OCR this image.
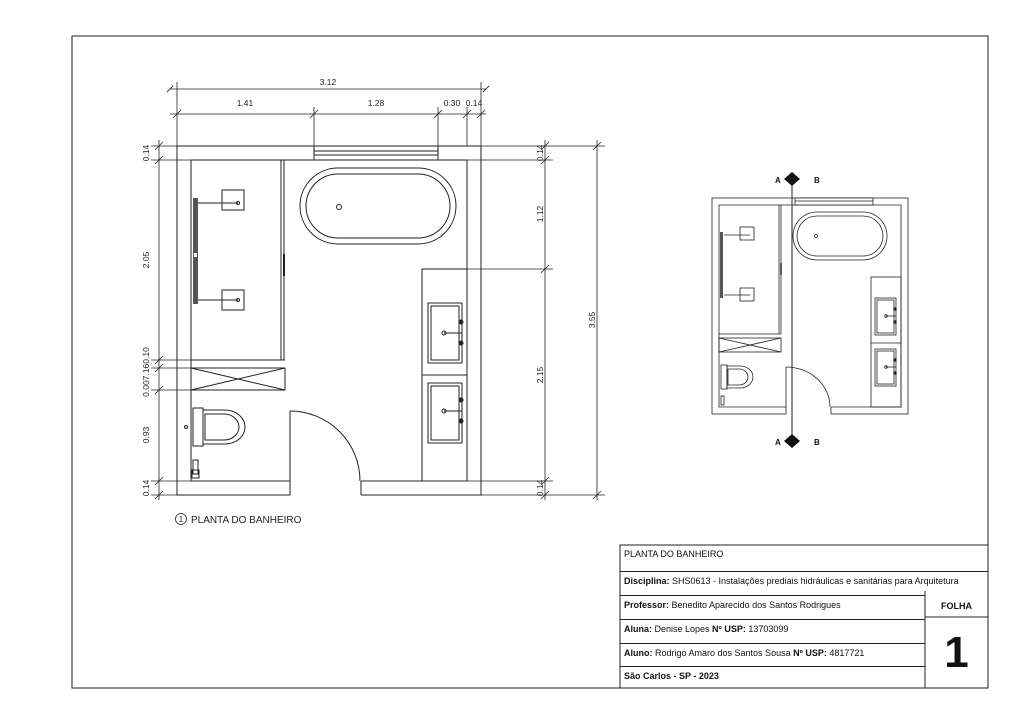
3.12
1.41	1.28	0.30 0.14
0.14
2.05
0.007.160.10
0.93
0.14
0.14
1.12
2.15
0.14
3.55
1 PLANTA DO BANHEIRO
A	B
A	B
PLANTA DO BANHEIRO
Disciplina: SHS0613 - Instalações prediais hidráulicas e sanitárias para Arquitetura
Professor: Benedito Aparecido dos Santos Rodrigues
Aluna: Denise Lopes Nº USP: 13703099
Aluno: Rodrigo Amaro dos Santos Sousa Nº USP: 4817721
São Carlos - SP - 2023
FOLHA
1
